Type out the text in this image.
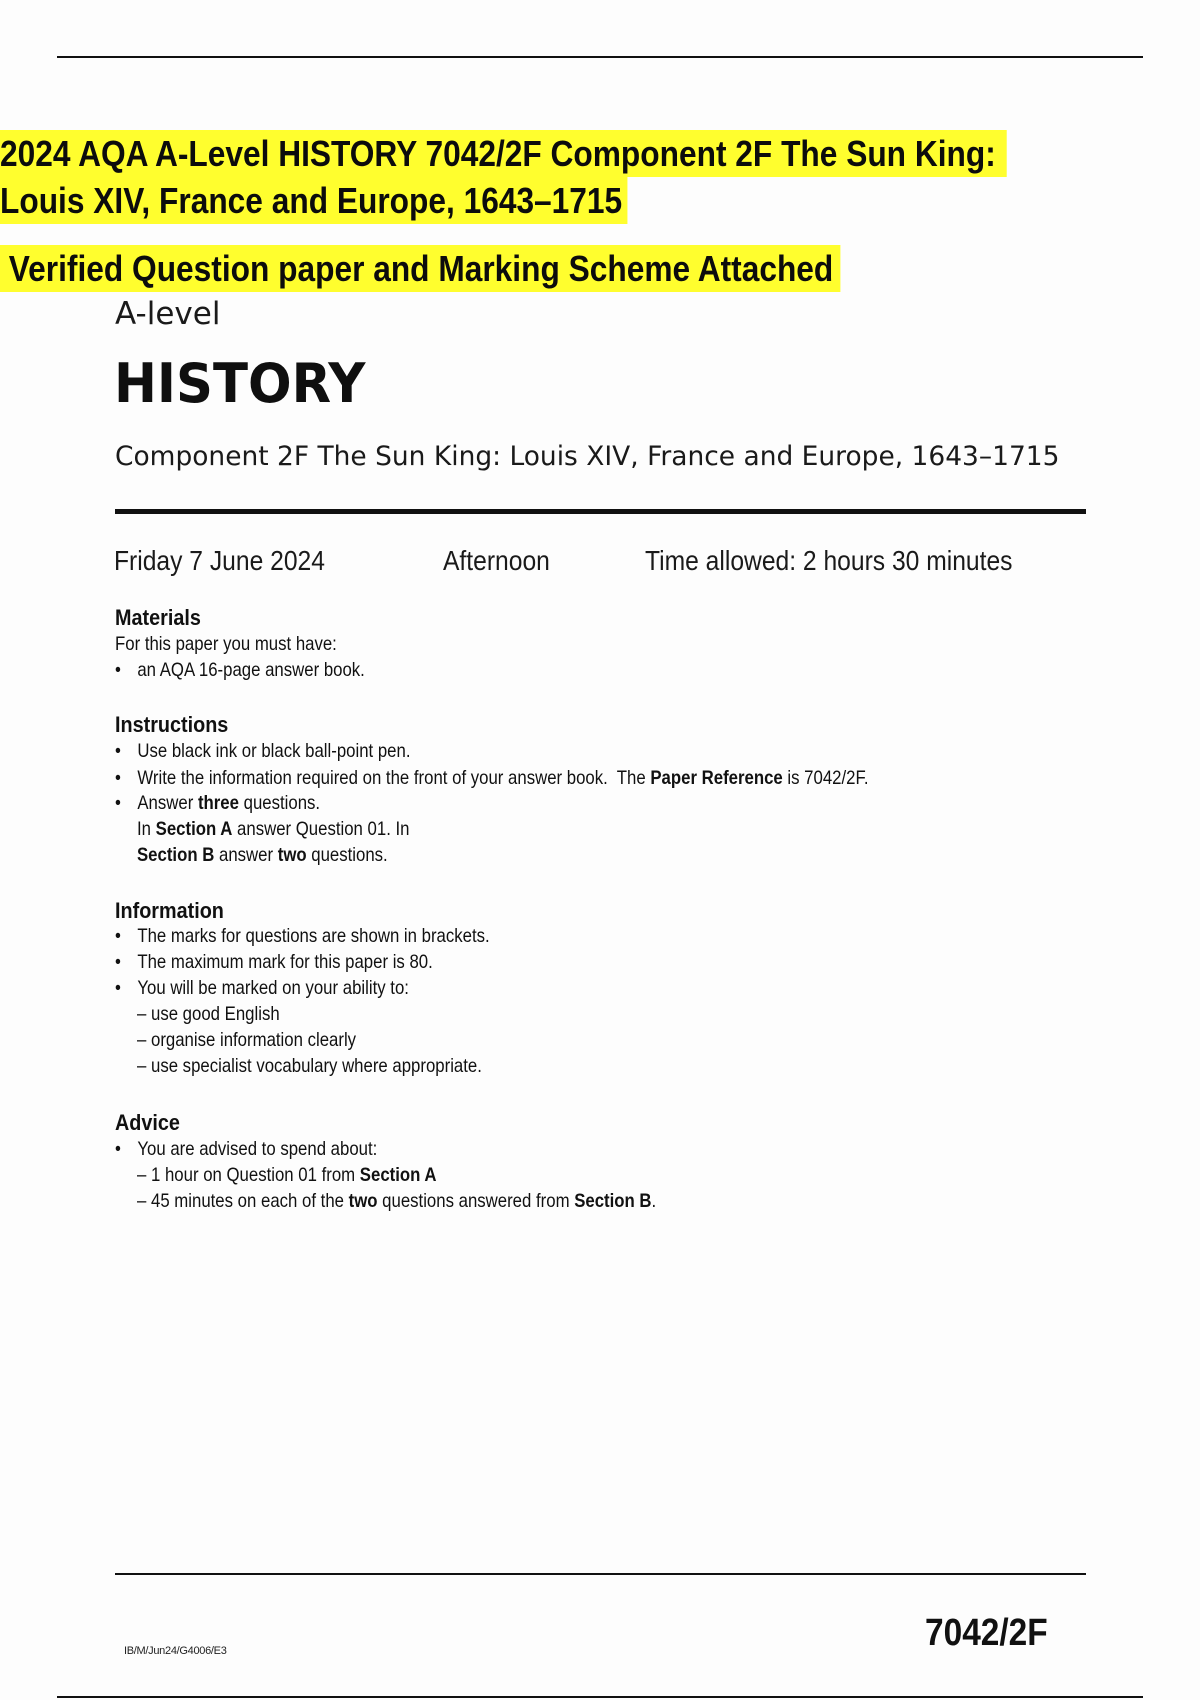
2024 AQA A-Level HISTORY 7042/2F Component 2F The Sun King:
Louis XIV, France and Europe, 1643–1715
Verified Question paper and Marking Scheme Attached
A-level
HISTORY
Component 2F The Sun King: Louis XIV, France and Europe, 1643–1715
Friday 7 June 2024	Afternoon	Time allowed: 2 hours 30 minutes
Materials
For this paper you must have:
• an AQA 16-page answer book.
Instructions
• Use black ink or black ball-point pen.
• Write the information required on the front of your answer book.  The Paper Reference is 7042/2F.
• Answer three questions.
In Section A answer Question 01. In
Section B answer two questions.
Information
• The marks for questions are shown in brackets.
• The maximum mark for this paper is 80.
• You will be marked on your ability to:
– use good English
– organise information clearly
– use specialist vocabulary where appropriate.
Advice
• You are advised to spend about:
– 1 hour on Question 01 from Section A
– 45 minutes on each of the two questions answered from Section B.
IB/M/Jun24/G4006/E3	7042/2F
